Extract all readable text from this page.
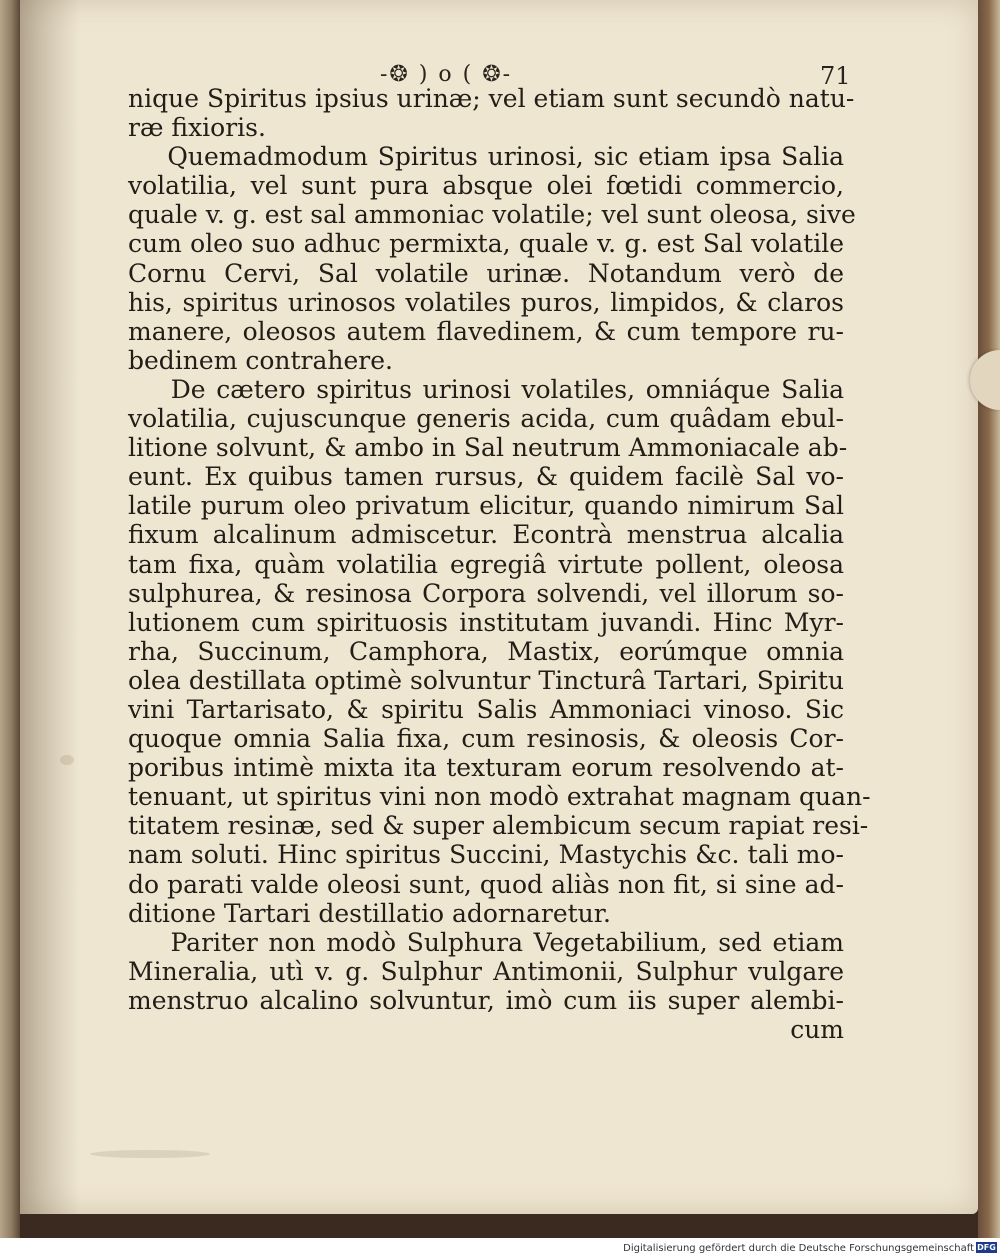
-❂ ) o ( ❂-	71
nique Spiritus ipsius urinæ; vel etiam sunt secundò natu-
ræ fixioris.
Quemadmodum Spiritus urinosi, sic etiam ipsa Salia
volatilia, vel sunt pura absque olei fœtidi commercio,
quale v. g. est sal ammoniac volatile; vel sunt oleosa, sive
cum oleo suo adhuc permixta, quale v. g. est Sal volatile
Cornu Cervi, Sal volatile urinæ. Notandum verò de
his, spiritus urinosos volatiles puros, limpidos, & claros
manere, oleosos autem flavedinem, & cum tempore ru-
bedinem contrahere.
De cætero spiritus urinosi volatiles, omniáque Salia
volatilia, cujuscunque generis acida, cum quâdam ebul-
litione solvunt, & ambo in Sal neutrum Ammoniacale ab-
eunt. Ex quibus tamen rursus, & quidem facilè Sal vo-
latile purum oleo privatum elicitur, quando nimirum Sal
fixum alcalinum admiscetur. Econtrà menstrua alcalia
tam fixa, quàm volatilia egregiâ virtute pollent, oleosa
sulphurea, & resinosa Corpora solvendi, vel illorum so-
lutionem cum spirituosis institutam juvandi. Hinc Myr-
rha, Succinum, Camphora, Mastix, eorúmque omnia
olea destillata optimè solvuntur Tincturâ Tartari, Spiritu
vini Tartarisato, & spiritu Salis Ammoniaci vinoso. Sic
quoque omnia Salia fixa, cum resinosis, & oleosis Cor-
poribus intimè mixta ita texturam eorum resolvendo at-
tenuant, ut spiritus vini non modò extrahat magnam quan-
titatem resinæ, sed & super alembicum secum rapiat resi-
nam soluti. Hinc spiritus Succini, Mastychis &c. tali mo-
do parati valde oleosi sunt, quod aliàs non fit, si sine ad-
ditione Tartari destillatio adornaretur.
Pariter non modò Sulphura Vegetabilium, sed etiam
Mineralia, utì v. g. Sulphur Antimonii, Sulphur vulgare
menstruo alcalino solvuntur, imò cum iis super alembi-
cum
Digitalisierung gefördert durch die Deutsche Forschungsgemeinschaft DFG
